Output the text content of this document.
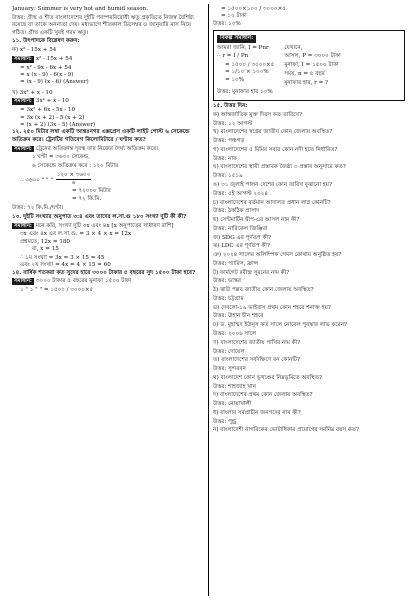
January: Summer is very hot and humid season.

উত্তর: গ্রীষ্ম ও শীত বাংলাদেশের দুইটি পরস্পরবিরোধী ঋতু প্রকৃতিতে নিজস্ব বৈশিষ্ট্য রয়েছে যা তাকে অনন্যতা দেয়। মধ্যভাগে শীতকাল ডিসেম্বর ও জানুয়ারি মাস নিয়ে গঠিত। গ্রীষ্ম একটি খুবই গরম ঋতু।

১১. উৎপাদকে বিশ্লেষণ করুন:

ক) x² - 15x + 54

সমাধান: x² - 15x + 54

= x² - 9x - 6x + 54

= x (x - 9) - 6(x - 9)

= (x - 9) (x - 6) (Answer)

খ) 3x³ + x - 10

সমাধান: 3x² + x - 10

= 3x² + 6x - 5x - 10

= 3x (x + 2) - 5 (x + 2)

= (x + 2) (3x - 5) (Answer)

১২. ২৫০ মিটার লম্বা একটি আন্তঃনগর এক্সপ্রেস একটি লাইট পোস্ট ৬ সেকেন্ডে অতিক্রম করে। ট্রেনটির গতিবেগ কিলোমিটারে / ঘণ্টায় কত?

সমাধান: ট্রেনের অতিক্রান্ত দূরত্ব তার নিজের দৈর্ঘ্য অতিক্রম করে।

১ ঘণ্টা = ৩৬০০ সেকেন্ড,

৬ সেকেন্ডে অতিক্রম করে : ১২০ মিটার

∴ ৩৬০০ " " " $\frac{১২০ \times ৩৬০০}{৬}$

= ৭২০০০ মিটার

= ৭২ কি.মি.

উত্তর: ৭২ কি.মি./ঘণ্টা।

১৩. দুইটি সংখ্যার অনুপাত ৩:৪ এবং তাদের ল.সা.গু ১৮০ সংখ্যা দুটি কী কী?

সমাধান: মনে করি, সংখ্যা দুটি ৩x এবং ৪x [x অনুপাতের সাধারণ রাশি]

৩x এবং ৪x এর ল.সা.গু. = 3 × 4 × x = 12x

প্রশ্নমতে, 12x = 180

বা, x = 15

∴ ১ম সংখ্যা = 3x = 3 × 15 = 45

এবং ২য় সংখ্যা = 4x = 4 × 15 = 60

১৪. বার্ষিক শতকরা কত সুদের হারে ৩০০০ টাকার ৫ বছরের সুদ ১৫০০ টাকা হবে?

সমাধান: ৩০০০ টাকার ৫ বছরের মুনাফা ১৫০০ টাকা

১ " ১ " " = ১৫০০ / ৩০০০×৫

= ১৫০০×১০০ / ৩০০০×৫

= ১০ টাকা

উত্তর: ১০%

বিকল্প সমাধান:

আমরা জানি, I = Pnr

∴ r = I / Pn

= ১৫০০ / ৩০০০×৫

= ১/১০ × ১০০%

= ১০%

যেখানে,

আসল, P = ৩০০০ টাকা

মুনাফা, I = ১৫০০ টাকা

সময়, n = ৫ বছর

মুনাফার হার, r = ?

উত্তর: মুনাফার হার ১০%

১৫. উত্তর দিন:

ক) আন্তর্জাতিক মুক্ত দিবস কত তারিখে?

উত্তর: ১২ আগস্ট

খ) বাংলাদেশের স্বপ্নের জাতীয় কোন জেলায় অবস্থিত?

উত্তর: পঞ্চগড়

গ) বাংলাদেশের ৫ মিমির সবার কোন নদী হতে নির্ধারিত?

উত্তর: নাফ

ঘ) বাংলাদেশের স্থায়ী প্রস্তাবক জৈষ্ঠ্য ৩ প্রস্তাব অনুসারে কত?

উত্তর: ১৫১৯

ঙ) ৩১ জুলাই পালন দেশের কোন তারিখ বুঝানো হয়?

উত্তর: ৫ই আগস্ট ২০২৪

চ) বাংলাদেশের বর্তমান আদালত প্রধান লাগ্ন কোনটি?

উত্তর: ঠকঠিক প্রাসাদ

ছ) সেন্টমার্টিন দ্বীপ-এর আসল নাম কী?

উত্তর: নারিকেল জিঞ্জিরা

জ) SDG এর পূর্ণরূপ কী?

ঝ) LDC এর পূর্ণরূপ কী?

ঞ) ২০২৪ সালের অলিম্পিক গেমস কোথায় অনুষ্ঠিত হয়?

উত্তর: প্যারিস, ফ্রান্স

ট) ফার্মগেট রবীন্দ্র সুমনের নাম কী?

উত্তর: ভাস্কর

ঠ) ঝাউ পল্লব জাতীয় কোন জেলায় অবস্থিত?

উত্তর: চট্টগ্রাম

ড) দেবলো-১৯ ভাইরাস প্রথম কোন শহরে শনাক্ত হয়?

উত্তর: উহান চীন শহরে

ঢ) ড. মুহাম্মদ ইউনূস কত সালে নোবেল পুরস্কার লাভ করেন?

উত্তর: ২০০৬ সালে

ণ) বাংলাদেশের জাতীয় পাখির নাম কী?

উত্তর: দোয়েল

ত) বাংলাদেশের সর্বদক্ষিণে বন কোনটি?

উত্তর: সুন্দরবন

থ) বাংলাদেশ কোন ভূখণ্ডের নিম্নভূমিতে অবস্থিত?

উত্তর: শাহজাহ খান

দ) বাংলাদেশের প্রথম কোন জেলায় অবস্থিত?

উত্তর: নোয়াখালী

ধ) বাংলার সর্বপ্রাচীন জনপদের নাম কী?

উত্তর: পুন্ড্র

ন) বাংলাদেশী নাগরিকের ভোটাধিকার প্রয়োগের সর্বনিম্ন বয়স কত?
